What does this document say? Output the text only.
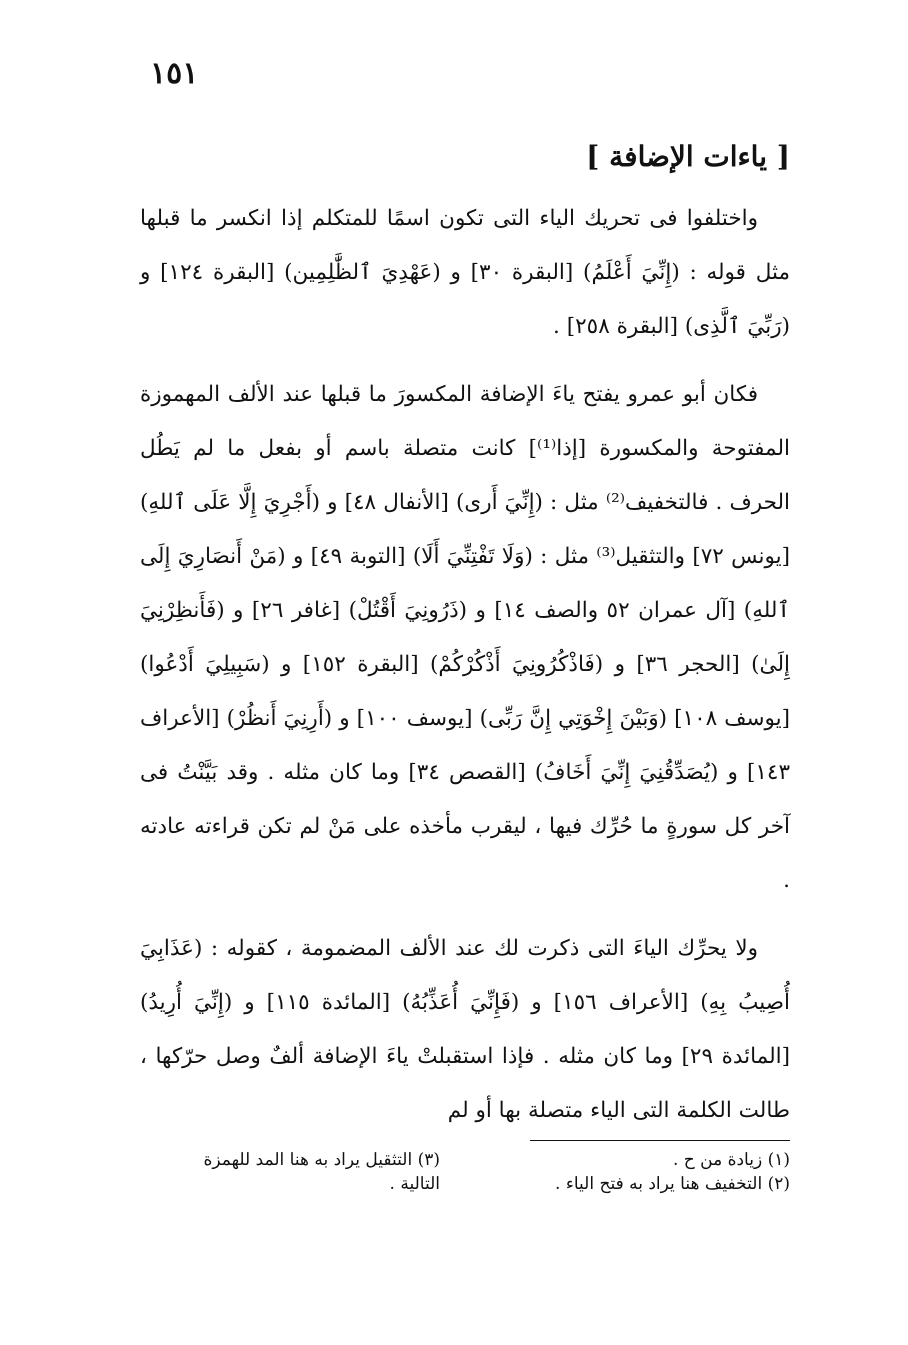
١٥١
[ ياءات الإضافة ]

واختلفوا فى تحريك الياء التى تكون اسمًا للمتكلم إذا انكسر ما قبلها مثل قوله : (إِنِّيَ أَعْلَمُ) [البقرة ٣٠] و (عَهْدِيَ ٱلظَّٰلِمِين) [البقرة ١٢٤] و (رَبِّيَ ٱلَّذِى) [البقرة ٢٥٨] .

فكان أبو عمرو يفتح ياءَ الإضافة المكسورَ ما قبلها عند الألف المهموزة المفتوحة والمكسورة [إذا⁽¹⁾] كانت متصلة باسم أو بفعل ما لم يَطُل الحرف . فالتخفيف⁽²⁾ مثل : (إِنِّيَ أَرى) [الأنفال ٤٨] و (أَجْرِيَ إِلَّا عَلَى ٱللهِ) [يونس ٧٢] والتثقيل⁽³⁾ مثل : (وَلَا تَفْتِنِّيَ أَلَا) [التوبة ٤٩] و (مَنْ أَنصَارِيَ إِلَى ٱللهِ) [آل عمران ٥٢ والصف ١٤] و (ذَرُونِيَ أَقْتُلْ) [غافر ٢٦] و (فَأَنظِرْنِيَ إِلَىٰ) [الحجر ٣٦] و (فَاذْكُرُونِيَ أَذْكُرْكُمْ) [البقرة ١٥٢] و (سَبِيلِيَ أَدْعُوا) [يوسف ١٠٨] (وَبَيْنَ إِخْوَتِي إِنَّ رَبِّى) [يوسف ١٠٠] و (أَرِنِيَ أَنظُرْ) [الأعراف ١٤٣] و (يُصَدِّقُنِيَ إِنِّيَ أَخَافُ) [القصص ٣٤] وما كان مثله . وقد بَيَّنْتُ فى آخر كل سورةٍ ما حُرِّك فيها ، ليقرب مأخذه على مَنْ لم تكن قراءته عادته .

ولا يحرِّك الياءَ التى ذكرت لك عند الألف المضمومة ، كقوله : (عَذَابِيَ أُصِيبُ بِهِ) [الأعراف ١٥٦] و (فَإِنِّيَ أُعَذِّبُهُ) [المائدة ١١٥] و (إِنِّيَ أُرِيدُ) [المائدة ٢٩] وما كان مثله . فإذا استقبلتْ ياءَ الإضافة ألفٌ وصل حرّكها ، طالت الكلمة التى الياء متصلة بها أو لم

(١) زيادة من ح .
(٢) التخفيف هنا يراد به فتح الياء .
(٣) التثقيل يراد به هنا المد للهمزة
التالية .
